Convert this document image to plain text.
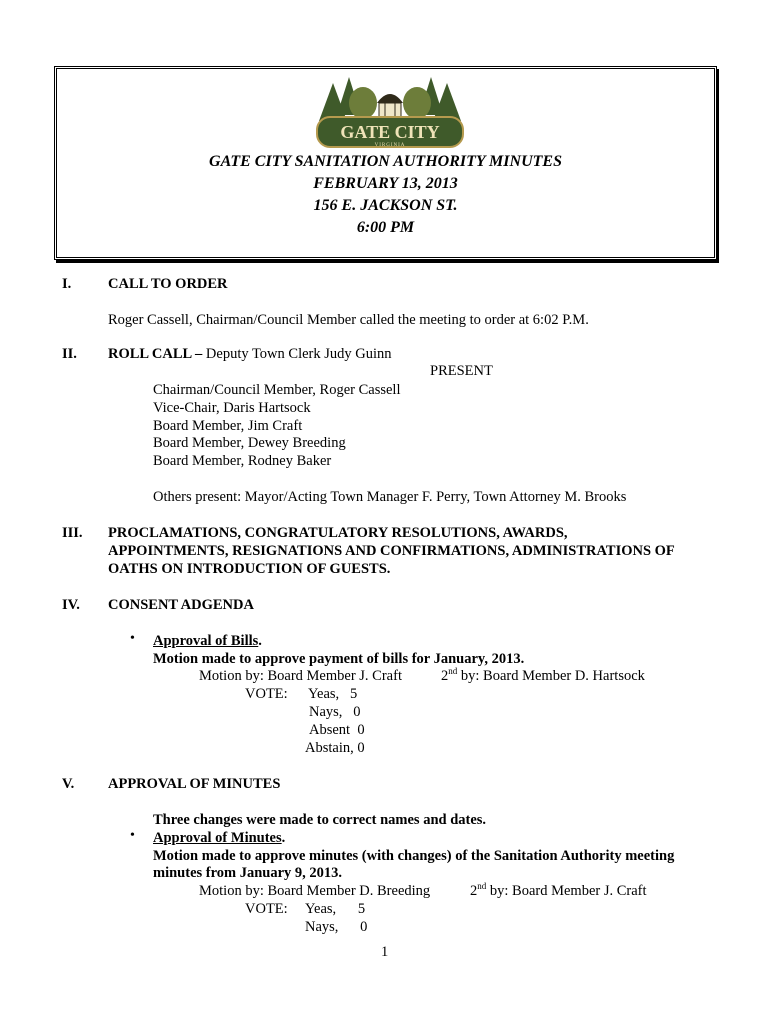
GATE CITY
VIRGINIA
GATE CITY SANITATION AUTHORITY MINUTES
FEBRUARY 13, 2013
156 E. JACKSON ST.
6:00 PM
I.	CALL TO ORDER
Roger Cassell, Chairman/Council Member called the meeting to order at 6:02 P.M.
II. ROLL CALL – Deputy Town Clerk Judy Guinn
PRESENT
Chairman/Council Member, Roger Cassell
Vice-Chair, Daris Hartsock
Board Member, Jim Craft
Board Member, Dewey Breeding
Board Member, Rodney Baker
Others present: Mayor/Acting Town Manager F. Perry, Town Attorney M. Brooks
III. PROCLAMATIONS, CONGRATULATORY RESOLUTIONS, AWARDS,
APPOINTMENTS, RESIGNATIONS AND CONFIRMATIONS, ADMINISTRATIONS OF
OATHS ON INTRODUCTION OF GUESTS.
IV. CONSENT ADGENDA
• Approval of Bills.
Motion made to approve payment of bills for January, 2013.
Motion by: Board Member J. Craft	2nd by: Board Member D. Hartsock
VOTE: Yeas,   5
Nays,   0
Absent  0
Abstain, 0
V. APPROVAL OF MINUTES
Three changes were made to correct names and dates.
• Approval of Minutes.
Motion made to approve minutes (with changes) of the Sanitation Authority meeting
minutes from January 9, 2013.
Motion by: Board Member D. Breeding	2nd by: Board Member J. Craft
VOTE: Yeas,      5
Nays,      0
1
